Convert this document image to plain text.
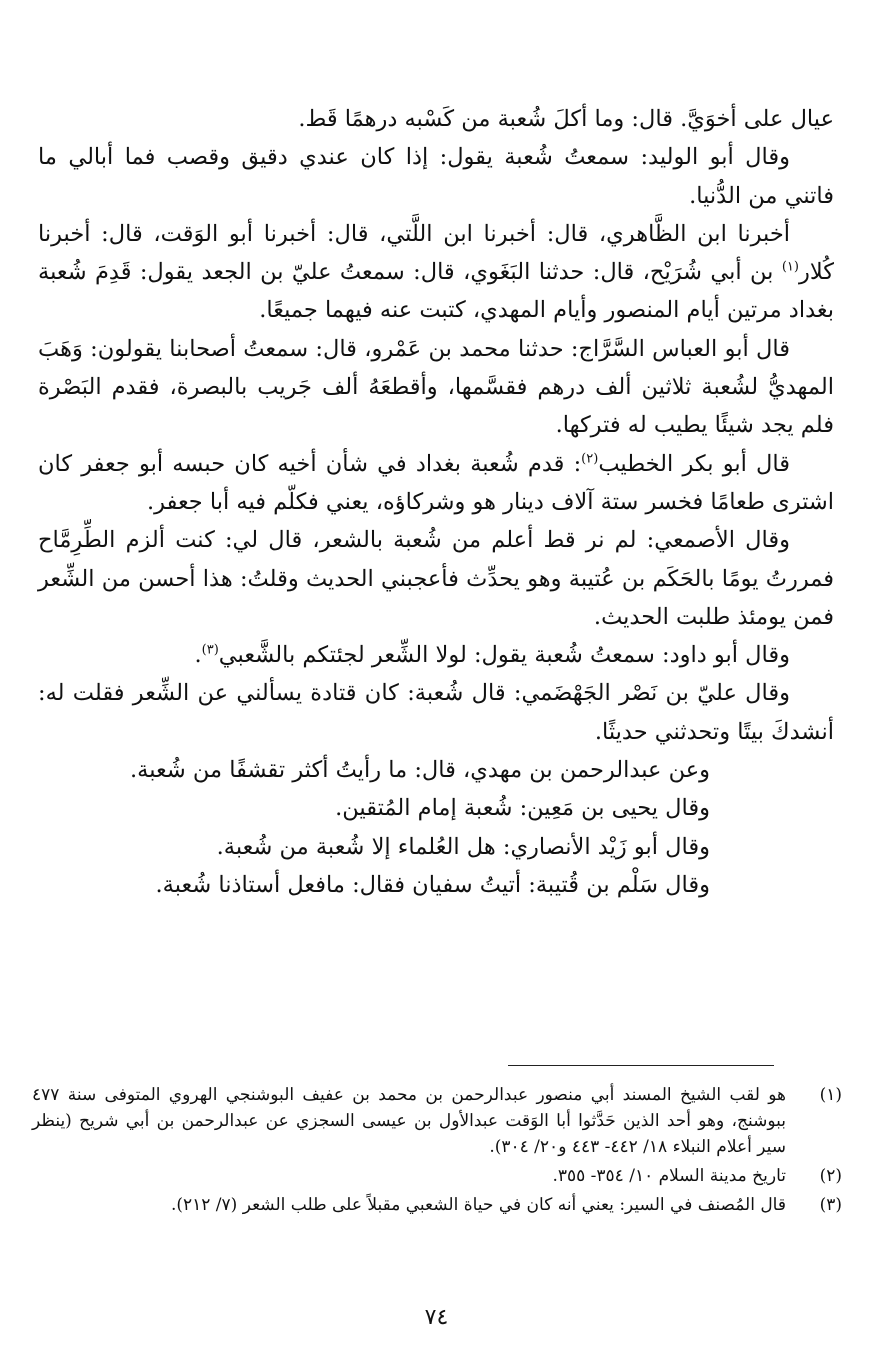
عيال على أخوَيَّ. قال: وما أكلَ شُعبة من كَسْبه درهمًا قَط.

وقال أبو الوليد: سمعتُ شُعبة يقول: إذا كان عندي دقيق وقصب فما أبالي ما فاتني من الدُّنيا.

أخبرنا ابن الظَّاهري، قال: أخبرنا ابن اللَّتي، قال: أخبرنا أبو الوَقت، قال: أخبرنا كُلار$^{(١)}$ بن أبي شُرَيْح، قال: حدثنا البَغَوي، قال: سمعتُ عليّ بن الجعد يقول: قَدِمَ شُعبة بغداد مرتين أيام المنصور وأيام المهدي، كتبت عنه فيهما جميعًا.

قال أبو العباس السَّرَّاج: حدثنا محمد بن عَمْرو، قال: سمعتُ أصحابنا يقولون: وَهَبَ المهديُّ لشُعبة ثلاثين ألف درهم فقسَّمها، وأقطعَهُ ألف جَريب بالبصرة، فقدم البَصْرة فلم يجد شيئًا يطيب له فتركها.

قال أبو بكر الخطيب$^{(٢)}$: قدم شُعبة بغداد في شأن أخيه كان حبسه أبو جعفر كان اشترى طعامًا فخسر ستة آلاف دينار هو وشركاؤه، يعني فكلّم فيه أبا جعفر.

وقال الأصمعي: لم نر قط أعلم من شُعبة بالشعر، قال لي: كنت ألزم الطِّرِمَّاح فمررتُ يومًا بالحَكَم بن عُتيبة وهو يحدِّث فأعجبني الحديث وقلتُ: هذا أحسن من الشِّعر فمن يومئذ طلبت الحديث.

وقال أبو داود: سمعتُ شُعبة يقول: لولا الشِّعر لجئتكم بالشَّعبي$^{(٣)}$.

وقال عليّ بن نَصْر الجَهْضَمي: قال شُعبة: كان قتادة يسألني عن الشِّعر فقلت له: أنشدكَ بيتًا وتحدثني حديثًا.

وعن عبدالرحمن بن مهدي، قال: ما رأيتُ أكثر تقشفًا من شُعبة.

وقال يحيى بن مَعِين: شُعبة إمام المُتقين.

وقال أبو زَيْد الأنصاري: هل العُلماء إلا شُعبة من شُعبة.

وقال سَلْم بن قُتيبة: أتيتُ سفيان فقال: مافعل أستاذنا شُعبة.

(١)
هو لقب الشيخ المسند أبي منصور عبدالرحمن بن محمد بن عفيف البوشنجي الهروي المتوفى سنة ٤٧٧ ببوشنج، وهو أحد الذين حَدَّثوا أبا الوَقت عبدالأول بن عيسى السجزي عن عبدالرحمن بن أبي شريح (ينظر سير أعلام النبلاء ١٨/ ٤٤٢- ٤٤٣ و٢٠/ ٣٠٤).
(٢)
تاريخ مدينة السلام ١٠/ ٣٥٤- ٣٥٥.
(٣)
قال المُصنف في السير: يعني أنه كان في حياة الشعبي مقبلاً على طلب الشعر (٧/ ٢١٢).
٧٤
